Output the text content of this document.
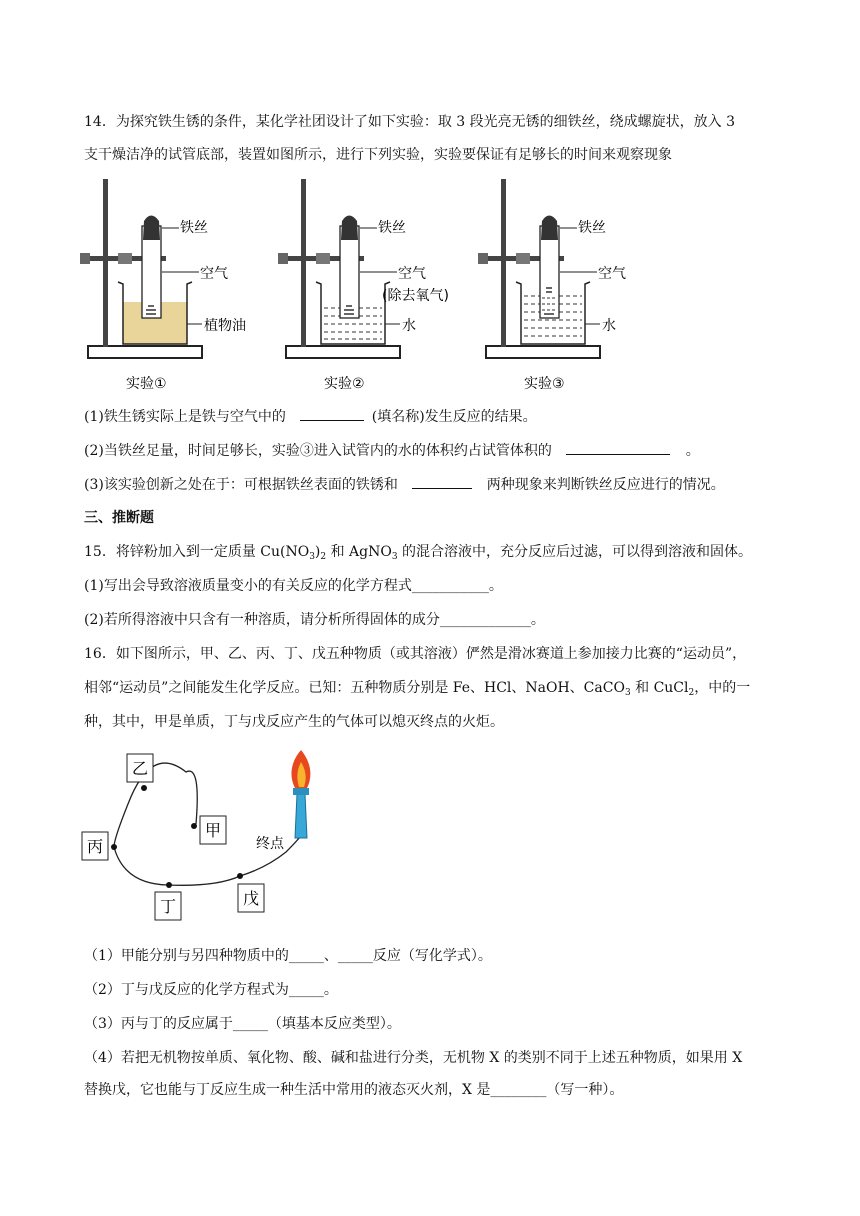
14．为探究铁生锈的条件，某化学社团设计了如下实验：取 3 段光亮无锈的细铁丝，绕成螺旋状，放入 3
支干燥洁净的试管底部，装置如图所示，进行下列实验，实验要保证有足够长的时间来观察现象
铁丝
空气
植物油
实验①
铁丝
空气
(除去氧气)
水
实验②
铁丝
空气
水
实验③
(1)铁生锈实际上是铁与空气中的	(填名称)发生反应的结果。
(2)当铁丝足量，时间足够长，实验③进入试管内的水的体积约占试管体积的	。
(3)该实验创新之处在于：可根据铁丝表面的铁锈和	两种现象来判断铁丝反应进行的情况。
三、推断题
15．将锌粉加入到一定质量 $Cu(NO_3)_2$ 和 AgNO$_3$ 的混合溶液中，充分反应后过滤，可以得到溶液和固体。
(1)写出会导致溶液质量变小的有关反应的化学方程式___________。
(2)若所得溶液中只含有一种溶质，请分析所得固体的成分_____________。
16．如下图所示，甲、乙、丙、丁、戊五种物质（或其溶液）俨然是滑冰赛道上参加接力比赛的“运动员”，
相邻“运动员”之间能发生化学反应。已知：五种物质分别是 Fe、HCl、NaOH、CaCO$_3$ 和 CuCl$_2$，中的一
种，其中，甲是单质，丁与戊反应产生的气体可以熄灭终点的火炬。
乙
甲
丙
丁	戊
终点
（1）甲能分别与另四种物质中的_____、_____反应（写化学式）。
（2）丁与戊反应的化学方程式为_____。
（3）丙与丁的反应属于_____（填基本反应类型）。
（4）若把无机物按单质、氧化物、酸、碱和盐进行分类，无机物 X 的类别不同于上述五种物质，如果用 X
替换戊，它也能与丁反应生成一种生活中常用的液态灭火剂，X 是________（写一种）。
